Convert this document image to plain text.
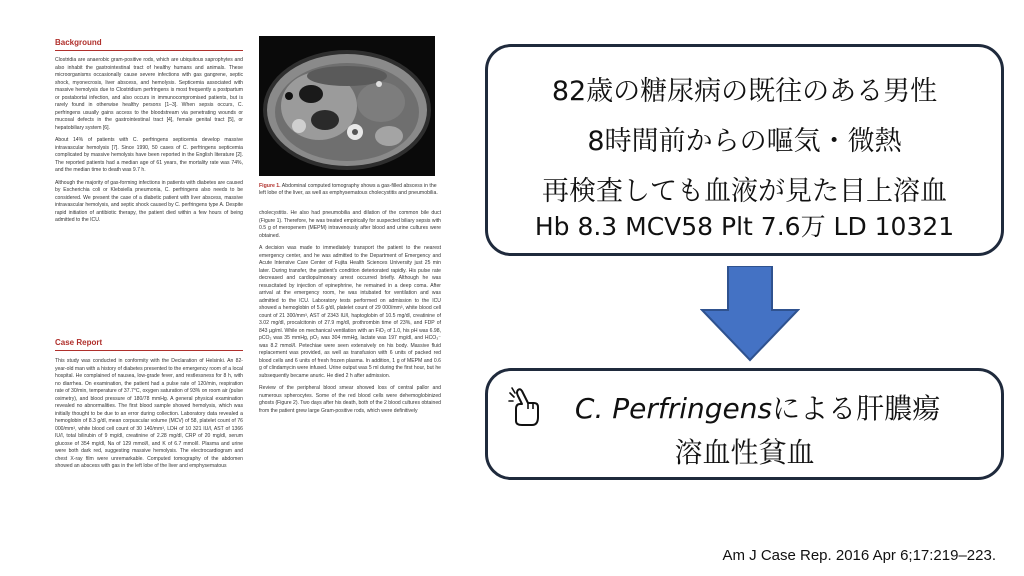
Background

Clostridia are anaerobic gram-positive rods, which are ubiquitous saprophytes and also inhabit the gastrointestinal tract of healthy humans and animals. These microorganisms occasionally cause severe infections with gas gangrene, septic shock, myonecrosis, liver abscess, and hemolysis. Septicemia associated with massive hemolysis due to Clostridium perfringens is most frequently a postpartum or postabortal infection, and also occurs in immunocompromised patients, but is rarely found in otherwise healthy persons [1–3]. When sepsis occurs, C. perfringens usually gains access to the bloodstream via penetrating wounds or mucosal defects in the gastrointestinal tract [4], female genital tract [5], or hepatobiliary system [6].

About 14% of patients with C. perfringens septicemia develop massive intravascular hemolysis [7]. Since 1990, 50 cases of C. perfringens septicemia complicated by massive hemolysis have been reported in the English literature [2]. The reported patients had a median age of 61 years, the mortality rate was 74%, and the median time to death was 9.7 h.

Although the majority of gas-forming infections in patients with diabetes are caused by Escherichia coli or Klebsiella pneumonia, C. perfringens also needs to be considered. We present the case of a diabetic patient with liver abscess, massive intravascular hemolysis, and septic shock caused by C. perfringens type A. Despite rapid initiation of antibiotic therapy, the patient died within a few hours of being admitted to the ICU.

Case Report

This study was conducted in conformity with the Declaration of Helsinki. An 82-year-old man with a history of diabetes presented to the emergency room of a local hospital. He complained of nausea, low-grade fever, and restlessness for 8 h, with no diarrhea. On examination, the patient had a pulse rate of 120/min, respiration rate of 30/min, temperature of 37.7°C, oxygen saturation of 93% on room air (pulse oximetry), and blood pressure of 180/78 mmHg. A general physical examination revealed no abnormalities. The first blood sample showed hemolysis, which was initially thought to be due to an error during collection. Laboratory data revealed a hemoglobin of 8.3 g/dl, mean corpuscular volume (MCV) of 58, platelet count of 76 000/mm³, white blood cell count of 30 140/mm³, LDH of 10 321 IU/l, AST of 1366 IU/l, total bilirubin of 9 mg/dl, creatinine of 2.28 mg/dl, CRP of 20 mg/dl, serum glucose of 354 mg/dl, Na of 129 mmol/l, and K of 6.7 mmol/l. Plasma and urine were both dark red, suggesting massive hemolysis. The electrocardiogram and chest X-ray film were unremarkable. Computed tomography of the abdomen showed an abscess with gas in the left lobe of the liver and emphysematous

Figure 1. Abdominal computed tomography shows a gas-filled abscess in the left lobe of the liver, as well as emphysematous cholecystitis and pneumobilia.

cholecystitis. He also had pneumobilia and dilation of the common bile duct (Figure 1). Therefore, he was treated empirically for suspected biliary sepsis with 0.5 g of meropenem (MEPM) intravenously after blood and urine cultures were obtained.

A decision was made to immediately transport the patient to the nearest emergency center, and he was admitted to the Department of Emergency and Acute Intensive Care Center of Fujita Health Sciences University just 25 min later. During transfer, the patient's condition deteriorated rapidly. His pulse rate decreased and cardiopulmonary arrest occurred briefly. Although he was resuscitated by injection of epinephrine, he remained in a deep coma. After arrival at the emergency room, he was intubated for ventilation and was admitted to the ICU. Laboratory tests performed on admission to the ICU showed a hemoglobin of 5.6 g/dl, platelet count of 29 000/mm³, white blood cell count of 21 300/mm³, AST of 2343 IU/l, haptoglobin of 10.5 mg/dl, creatinine of 3.02 mg/dl, procalcitonin of 27.9 mg/dl, prothrombin time of 23%, and FDP of 843 µg/ml. While on mechanical ventilation with an FiO₂ of 1.0, his pH was 6.98, pCO₂ was 35 mmHg, pO₂ was 304 mmHg, lactate was 197 mg/dl, and HCO₃⁻ was 8.2 mmol/l. Petechiae were seen extensively on his body. Massive fluid replacement was provided, as well as transfusion with 6 units of packed red blood cells and 6 units of fresh frozen plasma. In addition, 1 g of MEPM and 0.6 g of clindamycin were infused. Urine output was 5 ml during the first hour, but he subsequently became anuric. He died 2 h after admission.

Review of the peripheral blood smear showed loss of central pallor and numerous spherocytes. Some of the red blood cells were dehemoglobinized ghosts (Figure 2). Two days after his death, both of the 2 blood cultures obtained from the patient grew large Gram-positive rods, which were definitively

82歳の糖尿病の既往のある男性
8時間前からの嘔気・微熱
再検査しても血液が見た目上溶血
Hb 8.3 MCV58 Plt 7.6万 LD 10321
C. Perfringensによる肝膿瘍
溶血性貧血
Am J Case Rep. 2016 Apr 6;17:219–223.
